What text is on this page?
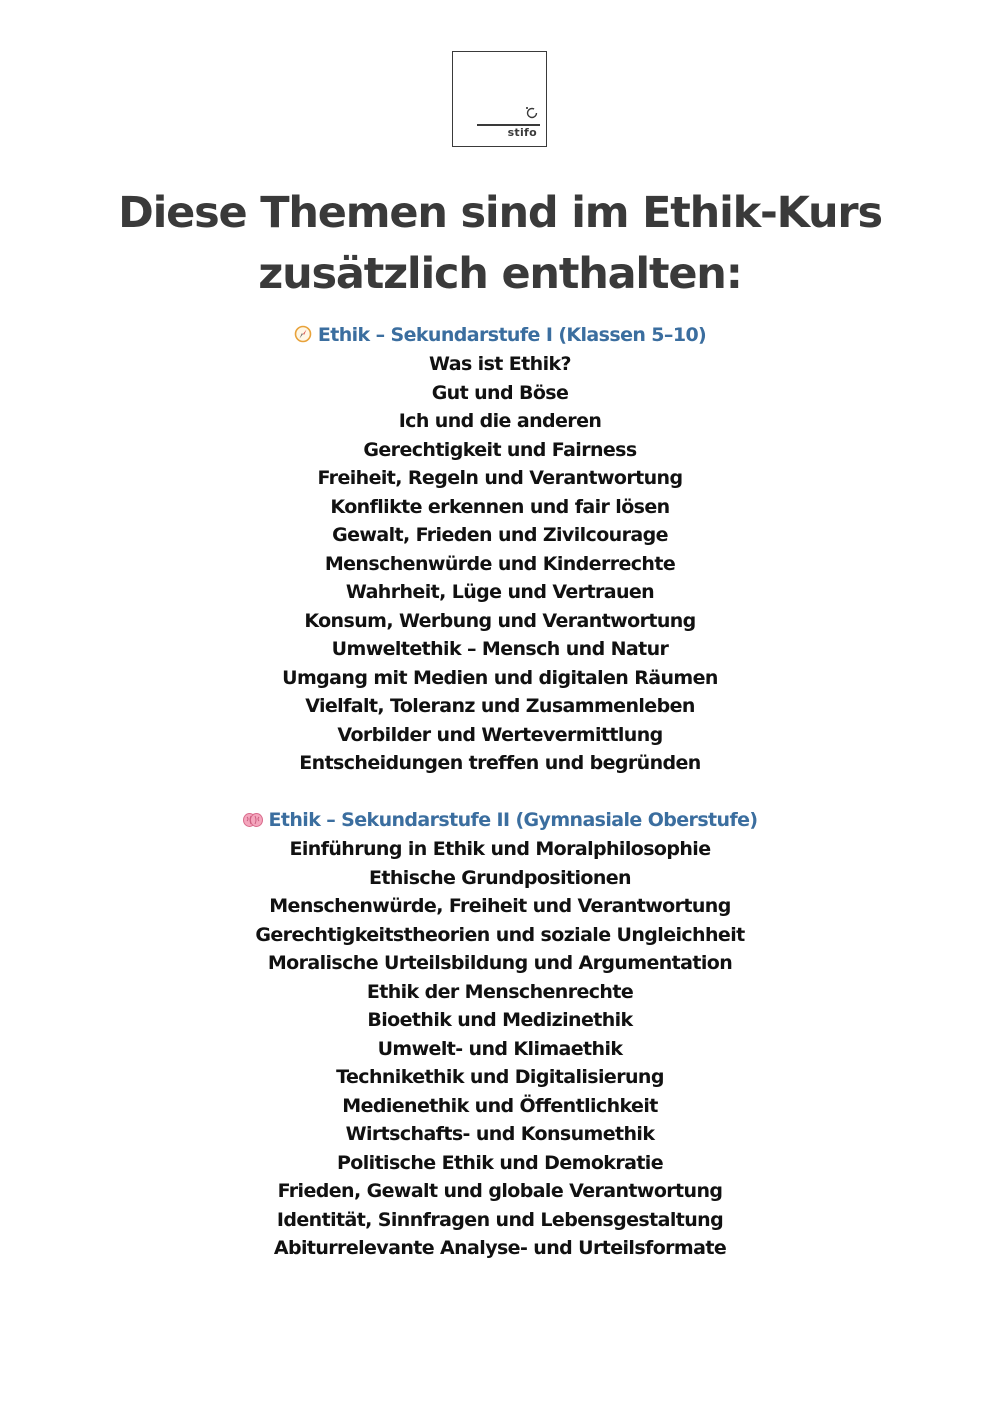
stifo
Diese Themen sind im Ethik-Kurs
zusätzlich enthalten:
Ethik – Sekundarstufe I (Klassen 5–10)
Was ist Ethik?
Gut und Böse
Ich und die anderen
Gerechtigkeit und Fairness
Freiheit, Regeln und Verantwortung
Konflikte erkennen und fair lösen
Gewalt, Frieden und Zivilcourage
Menschenwürde und Kinderrechte
Wahrheit, Lüge und Vertrauen
Konsum, Werbung und Verantwortung
Umweltethik – Mensch und Natur
Umgang mit Medien und digitalen Räumen
Vielfalt, Toleranz und Zusammenleben
Vorbilder und Wertevermittlung
Entscheidungen treffen und begründen
Ethik – Sekundarstufe II (Gymnasiale Oberstufe)
Einführung in Ethik und Moralphilosophie
Ethische Grundpositionen
Menschenwürde, Freiheit und Verantwortung
Gerechtigkeitstheorien und soziale Ungleichheit
Moralische Urteilsbildung und Argumentation
Ethik der Menschenrechte
Bioethik und Medizinethik
Umwelt- und Klimaethik
Technikethik und Digitalisierung
Medienethik und Öffentlichkeit
Wirtschafts- und Konsumethik
Politische Ethik und Demokratie
Frieden, Gewalt und globale Verantwortung
Identität, Sinnfragen und Lebensgestaltung
Abiturrelevante Analyse- und Urteilsformate
